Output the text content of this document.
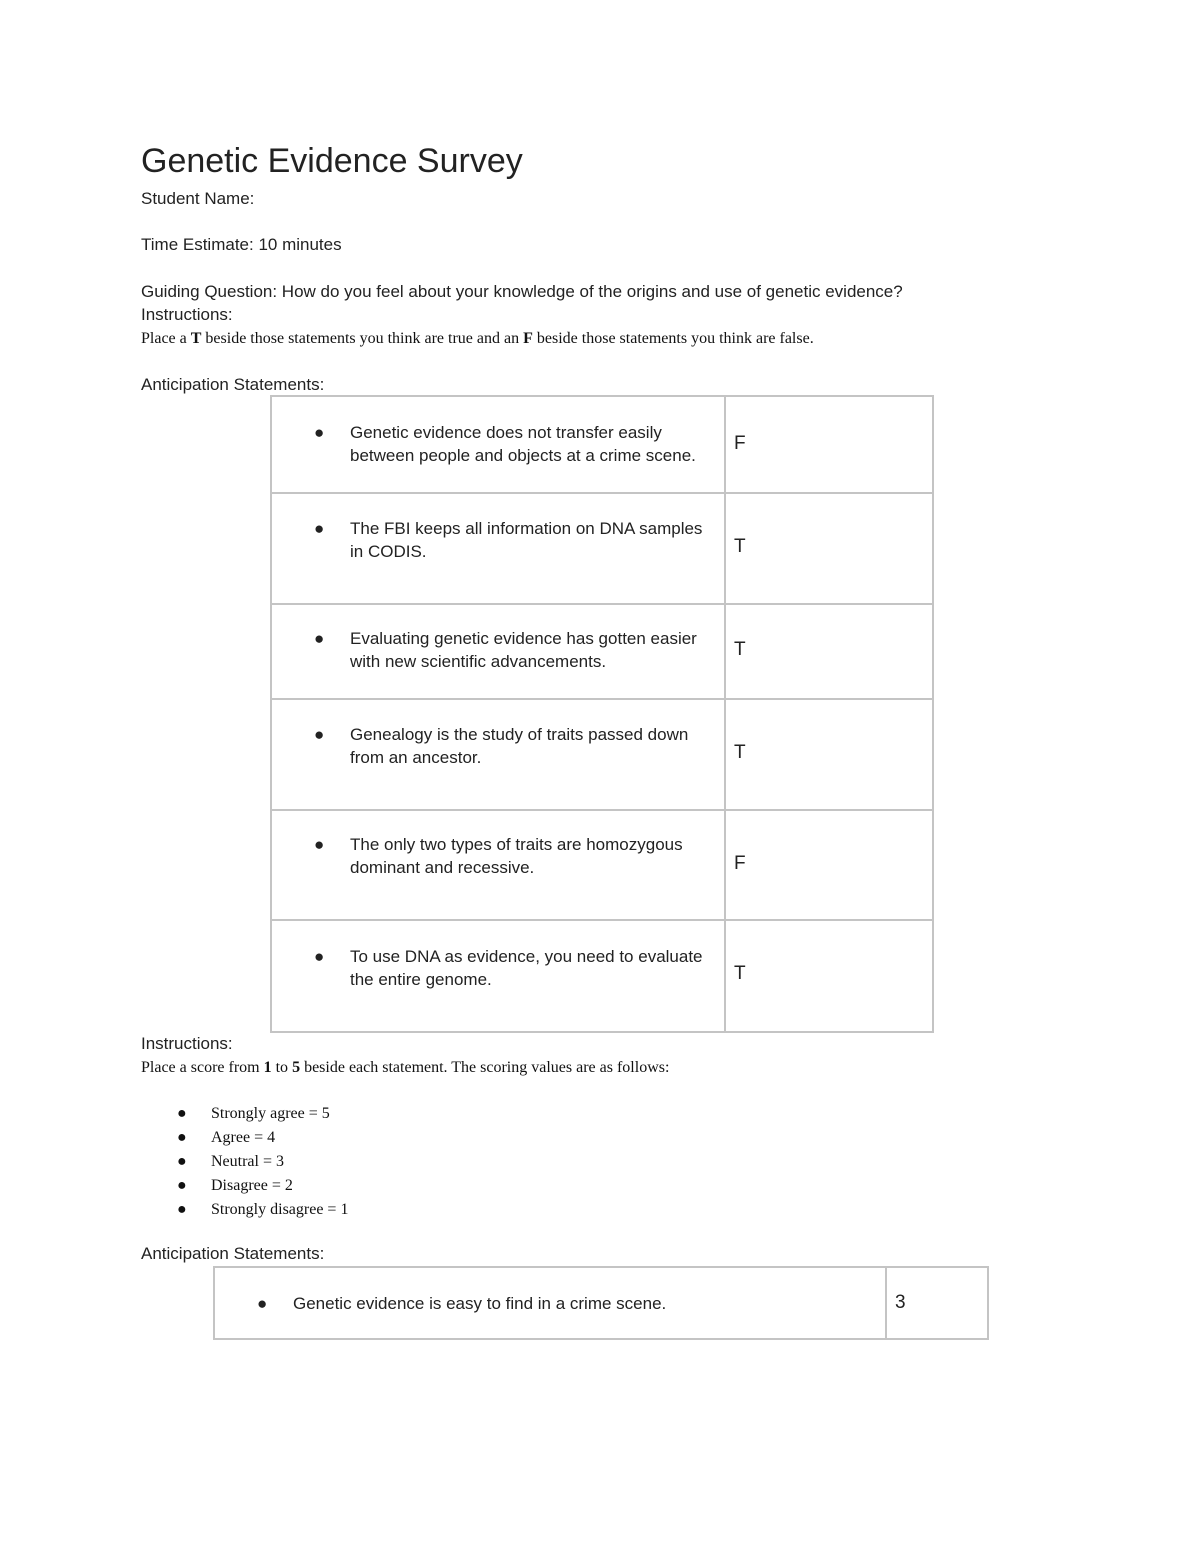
Genetic Evidence Survey

Student Name:

Time Estimate: 10 minutes

Guiding Question: How do you feel about your knowledge of the origins and use of genetic evidence?

Instructions:

Place a T beside those statements you think are true and an F beside those statements you think are false.

Anticipation Statements:

● Genetic evidence does not transfer easily between people and objects at a crime scene.	F

● The FBI keeps all information on DNA samples in CODIS.	T

● Evaluating genetic evidence has gotten easier with new scientific advancements.	T

● Genealogy is the study of traits passed down from an ancestor.	T

● The only two types of traits are homozygous dominant and recessive.	F

● To use DNA as evidence, you need to evaluate the entire genome.	T

Instructions:

Place a score from 1 to 5 beside each statement. The scoring values are as follows:

● Strongly agree = 5
● Agree = 4
● Neutral = 3
● Disagree = 2
● Strongly disagree = 1

Anticipation Statements:

● Genetic evidence is easy to find in a crime scene.	3
